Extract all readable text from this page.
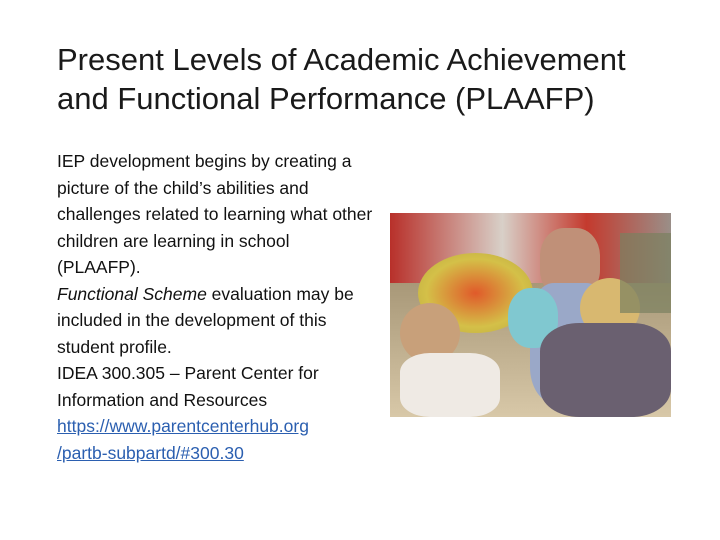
Present Levels of Academic Achievement
and Functional Performance (PLAAFP)

IEP development begins by creating a picture of the child’s abilities and challenges related to learning what other children are learning in school (PLAAFP).

Functional Scheme evaluation may be included in the development of this student profile.

IDEA 300.305 – Parent Center for Information and Resources

https://www.parentcenterhub.org
/partb-subpartd/#300.30
